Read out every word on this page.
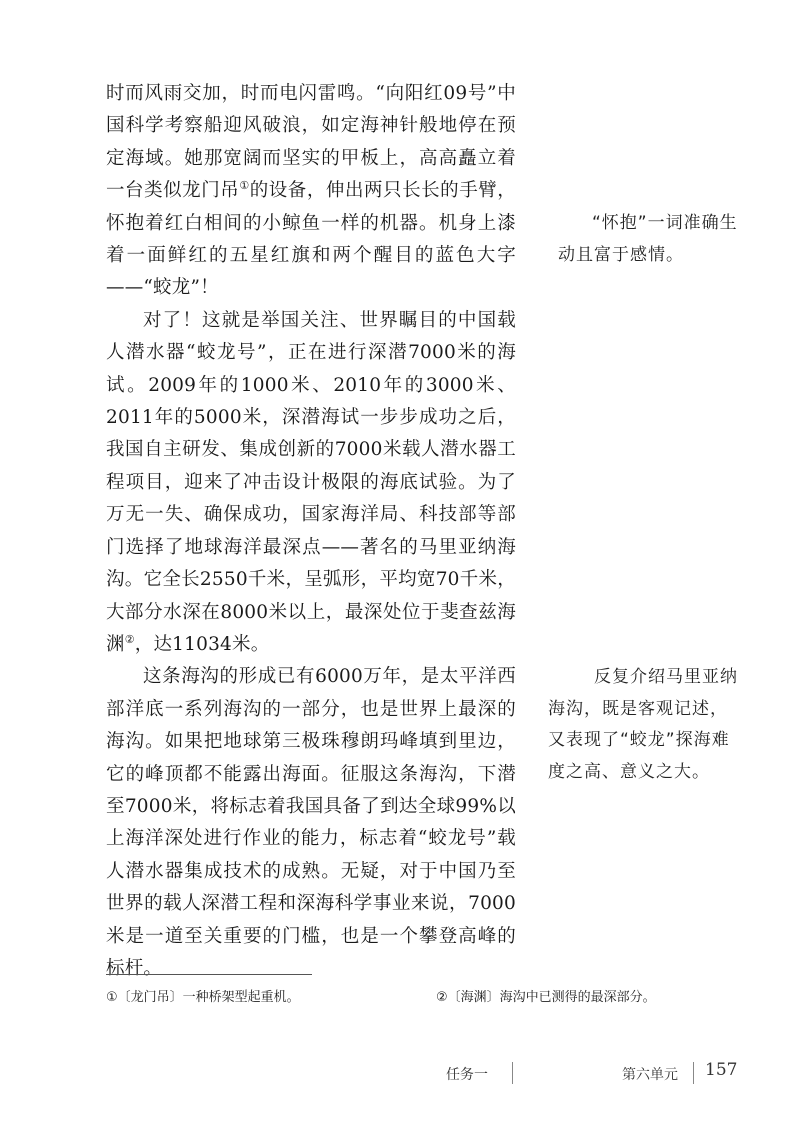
时而风雨交加，时而电闪雷鸣。“向阳红09号”中国科学考察船迎风破浪，如定海神针般地停在预定海域。她那宽阔而坚实的甲板上，高高矗立着一台类似龙门吊①的设备，伸出两只长长的手臂，怀抱着红白相间的小鲸鱼一样的机器。机身上漆着一面鲜红的五星红旗和两个醒目的蓝色大字——“蛟龙”！

对了！这就是举国关注、世界瞩目的中国载人潜水器“蛟龙号”，正在进行深潜7000米的海试。2009年的1000米、2010年的3000米、2011年的5000米，深潜海试一步步成功之后，我国自主研发、集成创新的7000米载人潜水器工程项目，迎来了冲击设计极限的海底试验。为了万无一失、确保成功，国家海洋局、科技部等部门选择了地球海洋最深点——著名的马里亚纳海沟。它全长2550千米，呈弧形，平均宽70千米，大部分水深在8000米以上，最深处位于斐查兹海渊②，达11034米。

这条海沟的形成已有6000万年，是太平洋西部洋底一系列海沟的一部分，也是世界上最深的海沟。如果把地球第三极珠穆朗玛峰填到里边，它的峰顶都不能露出海面。征服这条海沟，下潜至7000米，将标志着我国具备了到达全球99%以上海洋深处进行作业的能力，标志着“蛟龙号”载人潜水器集成技术的成熟。无疑，对于中国乃至世界的载人深潜工程和深海科学事业来说，7000米是一道至关重要的门槛，也是一个攀登高峰的标杆。

“怀抱”一词准确生动且富于感情。
反复介绍马里亚纳海沟，既是客观记述，又表现了“蛟龙”探海难度之高、意义之大。
①〔龙门吊〕一种桥架型起重机。	②〔海渊〕海沟中已测得的最深部分。
任务一	第六单元 157
